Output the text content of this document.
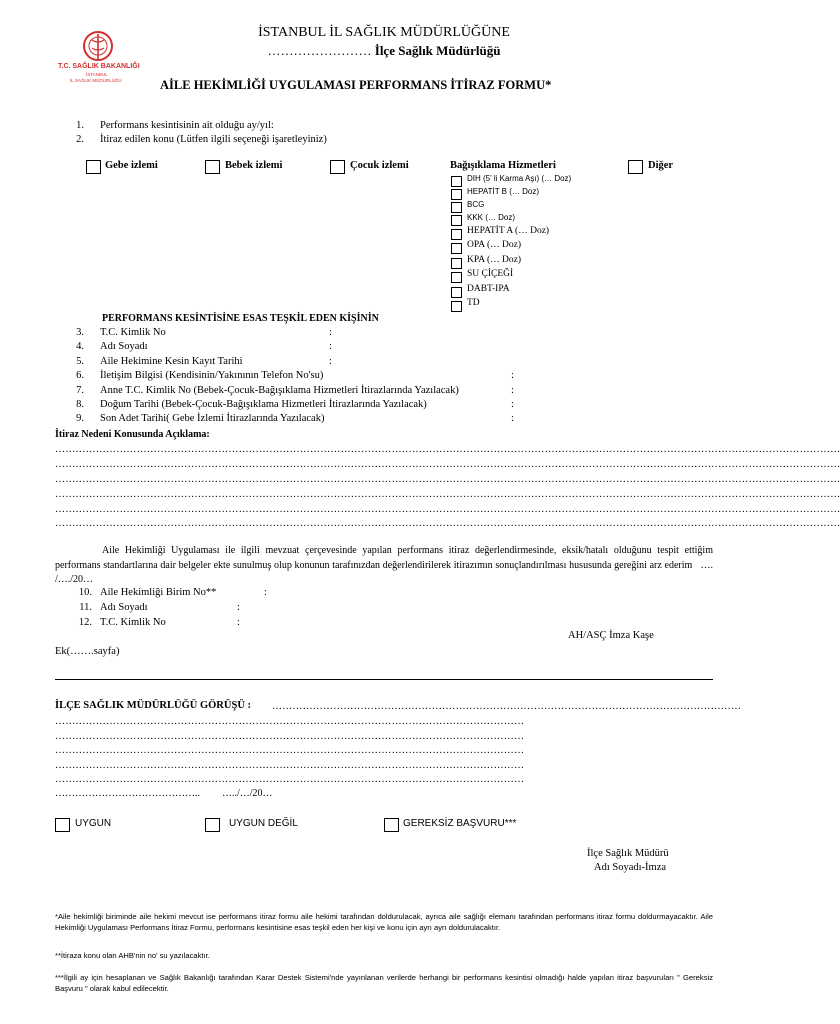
T.C. SAĞLIK BAKANLIĞI
İSTANBUL
İL SAĞLIK MÜDÜRLÜĞÜ
İSTANBUL İL SAĞLIK MÜDÜRLÜĞÜNE
…………………… İlçe Sağlık Müdürlüğü
AİLE HEKİMLİĞİ UYGULAMASI PERFORMANS İTİRAZ FORMU*
1. Performans kesintisinin ait olduğu ay/yıl:
2. İtiraz edilen konu (Lütfen ilgili seçeneği işaretleyiniz)
Gebe izlemi	Bebek izlemi	Çocuk izlemi	Bağışıklama Hizmetleri	Diğer
DIH (5' li Karma Aşı) (… Doz)
HEPATİT B (… Doz)
BCG
KKK (… Doz)
HEPATİT A (… Doz)
OPA (… Doz)
KPA (… Doz)
SU ÇİÇEĞİ
DABT-IPA
TD
PERFORMANS KESİNTİSİNE ESAS TEŞKİL EDEN KİŞİNİN
3. T.C. Kimlik No	:
4. Adı Soyadı	:
5. Aile Hekimine Kesin Kayıt Tarihi	:
6. İletişim Bilgisi (Kendisinin/Yakınının Telefon No'su)	:
7. Anne T.C. Kimlik No (Bebek-Çocuk-Bağışıklama Hizmetleri İtirazlarında Yazılacak)	:
8. Doğum Tarihi (Bebek-Çocuk-Bağışıklama Hizmetleri İtirazlarında Yazılacak)	:
9. Son Adet Tarihi( Gebe İzlemi İtirazlarında Yazılacak)	:
İtiraz Nedeni Konusunda Açıklama:
……………………………………………………………………………………………………………………………………………………………………………………………………………
……………………………………………………………………………………………………………………………………………………………………………………………………………
……………………………………………………………………………………………………………………………………………………………………………………………………………
……………………………………………………………………………………………………………………………………………………………………………………………………………
……………………………………………………………………………………………………………………………………………………………………………………………………………
……………………………………………………………………………………………………………………………………………………………………………………………………………

Aile Hekimliği Uygulaması ile ilgili mevzuat çerçevesinde yapılan performans itiraz değerlendirmesinde, eksik/hatalı olduğunu tespit ettiğim performans standartlarına dair belgeler ekte sunulmuş olup konunun tarafınızdan değerlendirilerek itirazımın sonuçlandırılması hususunda gereğini arz ederim …. /…./20…

10. Aile Hekimliği Birim No**	:
11. Adı Soyadı	:
12. T.C. Kimlik No	:
AH/ASÇ İmza Kaşe
Ek(…….sayfa)
İLÇE SAĞLIK MÜDÜRLÜĞÜ GÖRÜŞÜ : …………………………………………………………………………………………………………………………
…………………………………………………………………………………………………………………………
…………………………………………………………………………………………………………………………
…………………………………………………………………………………………………………………………
…………………………………………………………………………………………………………………………
…………………………………………………………………………………………………………………………
…………………………………….. …../…/20…
UYGUN	UYGUN DEĞİL	GEREKSİZ BAŞVURU***
İlçe Sağlık Müdürü
Adı Soyadı-İmza
*Aile hekimliği biriminde aile hekimi mevcut ise performans itiraz formu aile hekimi tarafından doldurulacak, ayrıca aile sağlığı elemanı tarafından performans itiraz formu doldurmayacaktır. Aile Hekimliği Uygulaması Performans İtiraz Formu, performans kesintisine esas teşkil eden her kişi ve konu için ayrı ayrı doldurulacaktır.
**İtiraza konu olan AHB'nin no' su yazılacaktır.
***İlgili ay için hesaplanan ve Sağlık Bakanlığı tarafından Karar Destek Sistemi'nde yayınlanan verilerde herhangi bir performans kesintisi olmadığı halde yapılan itiraz başvuruları " Gereksiz Başvuru " olarak kabul edilecektir.
